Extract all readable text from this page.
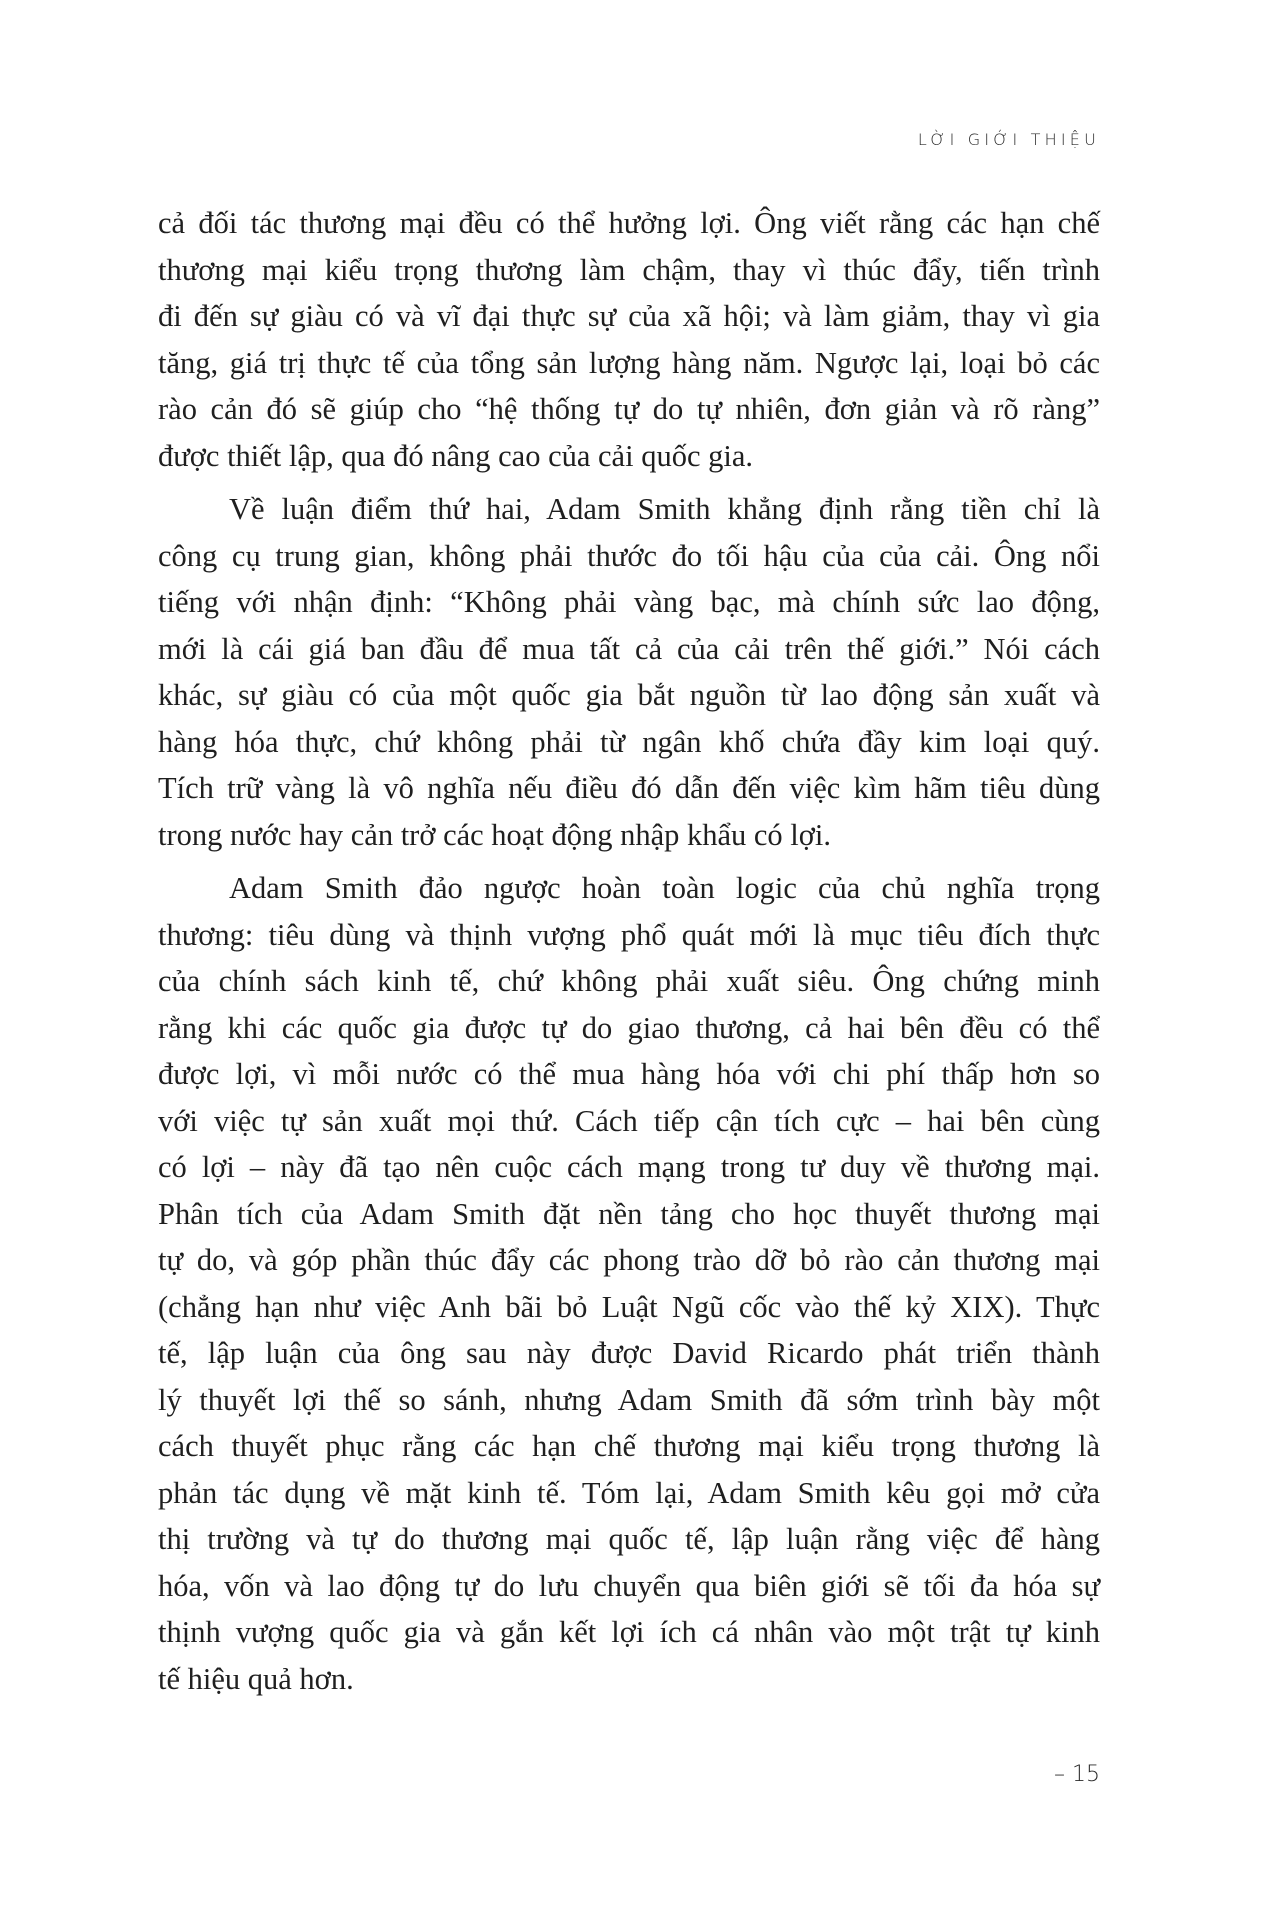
LỜI GIỚI THIỆU
cả đối tác thương mại đều có thể hưởng lợi. Ông viết rằng các hạn chế
thương mại kiểu trọng thương làm chậm, thay vì thúc đẩy, tiến trình
đi đến sự giàu có và vĩ đại thực sự của xã hội; và làm giảm, thay vì gia
tăng, giá trị thực tế của tổng sản lượng hàng năm. Ngược lại, loại bỏ các
rào cản đó sẽ giúp cho “hệ thống tự do tự nhiên, đơn giản và rõ ràng”
được thiết lập, qua đó nâng cao của cải quốc gia.
Về luận điểm thứ hai, Adam Smith khẳng định rằng tiền chỉ là
công cụ trung gian, không phải thước đo tối hậu của của cải. Ông nổi
tiếng với nhận định: “Không phải vàng bạc, mà chính sức lao động,
mới là cái giá ban đầu để mua tất cả của cải trên thế giới.” Nói cách
khác, sự giàu có của một quốc gia bắt nguồn từ lao động sản xuất và
hàng hóa thực, chứ không phải từ ngân khố chứa đầy kim loại quý.
Tích trữ vàng là vô nghĩa nếu điều đó dẫn đến việc kìm hãm tiêu dùng
trong nước hay cản trở các hoạt động nhập khẩu có lợi.
Adam Smith đảo ngược hoàn toàn logic của chủ nghĩa trọng
thương: tiêu dùng và thịnh vượng phổ quát mới là mục tiêu đích thực
của chính sách kinh tế, chứ không phải xuất siêu. Ông chứng minh
rằng khi các quốc gia được tự do giao thương, cả hai bên đều có thể
được lợi, vì mỗi nước có thể mua hàng hóa với chi phí thấp hơn so
với việc tự sản xuất mọi thứ. Cách tiếp cận tích cực – hai bên cùng
có lợi – này đã tạo nên cuộc cách mạng trong tư duy về thương mại.
Phân tích của Adam Smith đặt nền tảng cho học thuyết thương mại
tự do, và góp phần thúc đẩy các phong trào dỡ bỏ rào cản thương mại
(chẳng hạn như việc Anh bãi bỏ Luật Ngũ cốc vào thế kỷ XIX). Thực
tế, lập luận của ông sau này được David Ricardo phát triển thành
lý thuyết lợi thế so sánh, nhưng Adam Smith đã sớm trình bày một
cách thuyết phục rằng các hạn chế thương mại kiểu trọng thương là
phản tác dụng về mặt kinh tế. Tóm lại, Adam Smith kêu gọi mở cửa
thị trường và tự do thương mại quốc tế, lập luận rằng việc để hàng
hóa, vốn và lao động tự do lưu chuyển qua biên giới sẽ tối đa hóa sự
thịnh vượng quốc gia và gắn kết lợi ích cá nhân vào một trật tự kinh
tế hiệu quả hơn.
– 15
